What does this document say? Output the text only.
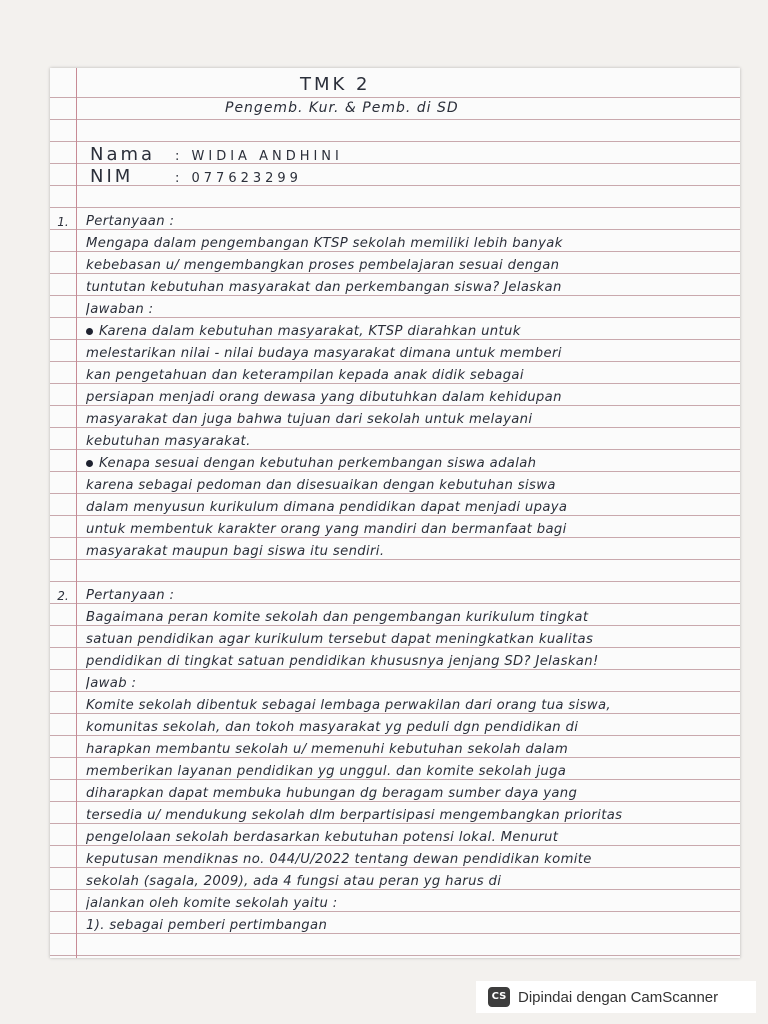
TMK 2
Pengemb. Kur. & Pemb. di SD
Nama : WIDIA ANDHINI
NIM	: 077623299
1.	Pertanyaan :
Mengapa dalam pengembangan KTSP sekolah memiliki lebih banyak
kebebasan u/ mengembangkan proses pembelajaran sesuai dengan
tuntutan kebutuhan masyarakat dan perkembangan siswa? Jelaskan
Jawaban :
Karena dalam kebutuhan masyarakat, KTSP diarahkan untuk
melestarikan nilai - nilai budaya masyarakat dimana untuk memberi
kan pengetahuan dan keterampilan kepada anak didik sebagai
persiapan menjadi orang dewasa yang dibutuhkan dalam kehidupan
masyarakat dan juga bahwa tujuan dari sekolah untuk melayani
kebutuhan masyarakat.
Kenapa sesuai dengan kebutuhan perkembangan siswa adalah
karena sebagai pedoman dan disesuaikan dengan kebutuhan siswa
dalam menyusun kurikulum dimana pendidikan dapat menjadi upaya
untuk membentuk karakter orang yang mandiri dan bermanfaat bagi
masyarakat maupun bagi siswa itu sendiri.
2.	Pertanyaan :
Bagaimana peran komite sekolah dan pengembangan kurikulum tingkat
satuan pendidikan agar kurikulum tersebut dapat meningkatkan kualitas
pendidikan di tingkat satuan pendidikan khususnya jenjang SD? Jelaskan!
Jawab :
Komite sekolah dibentuk sebagai lembaga perwakilan dari orang tua siswa,
komunitas sekolah, dan tokoh masyarakat yg peduli dgn pendidikan di
harapkan membantu sekolah u/ memenuhi kebutuhan sekolah dalam
memberikan layanan pendidikan yg unggul. dan komite sekolah juga
diharapkan dapat membuka hubungan dg beragam sumber daya yang
tersedia u/ mendukung sekolah dlm berpartisipasi mengembangkan prioritas
pengelolaan sekolah berdasarkan kebutuhan potensi lokal. Menurut
keputusan mendiknas no. 044/U/2022 tentang dewan pendidikan komite
sekolah (sagala, 2009), ada 4 fungsi atau peran yg harus di
jalankan oleh komite sekolah yaitu :
1). sebagai pemberi pertimbangan
CS Dipindai dengan CamScanner
